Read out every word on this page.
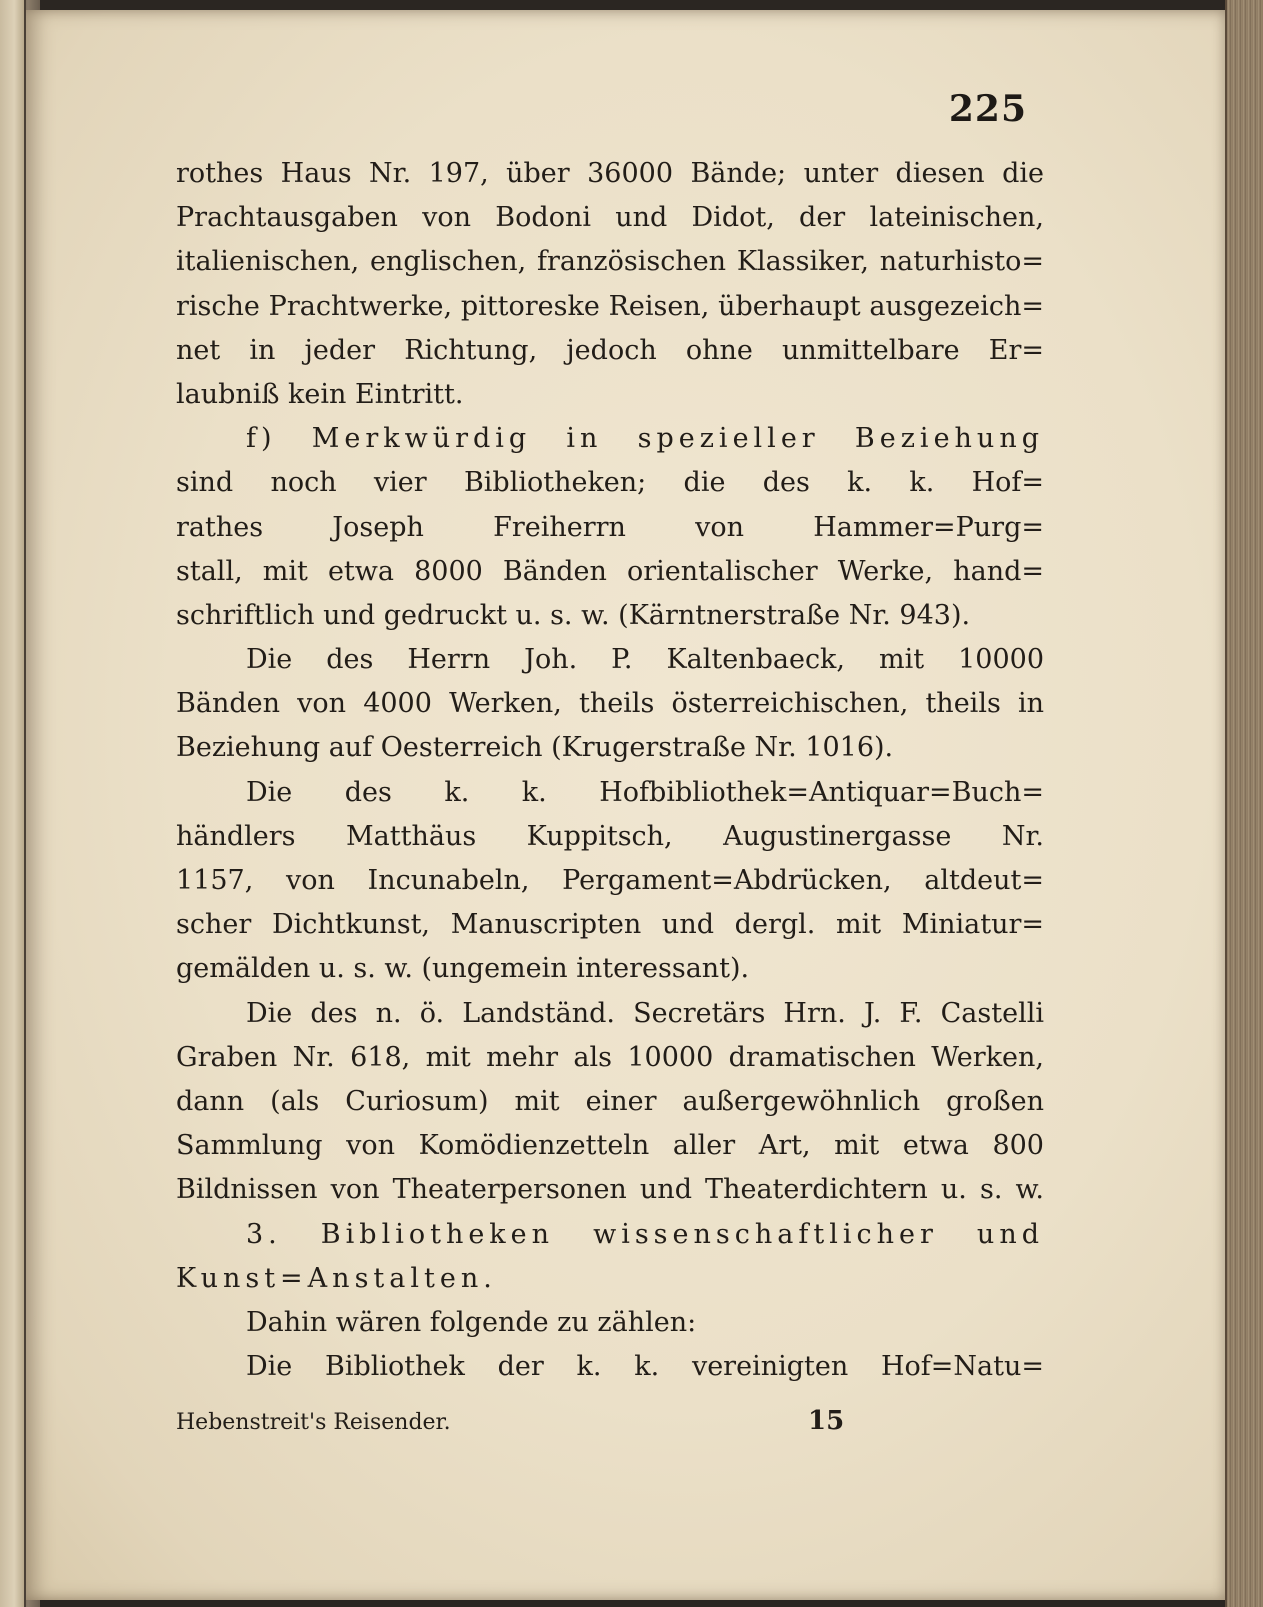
225
rothes Haus Nr. 197, über 36000 Bände; unter diesen die
Prachtausgaben von Bodoni und Didot, der lateinischen,
italienischen, englischen, französischen Klassiker, naturhisto=
rische Prachtwerke, pittoreske Reisen, überhaupt ausgezeich=
net in jeder Richtung, jedoch ohne unmittelbare Er=
laubniß kein Eintritt.
f) Merkwürdig in spezieller Beziehung
sind noch vier Bibliotheken; die des k. k. Hof=
rathes Joseph Freiherrn von Hammer=Purg=
stall, mit etwa 8000 Bänden orientalischer Werke, hand=
schriftlich und gedruckt u. s. w. (Kärntnerstraße Nr. 943).
Die des Herrn Joh. P. Kaltenbaeck, mit 10000
Bänden von 4000 Werken, theils österreichischen, theils in
Beziehung auf Oesterreich (Krugerstraße Nr. 1016).
Die des k. k. Hofbibliothek=Antiquar=Buch=
händlers Matthäus Kuppitsch, Augustinergasse Nr.
1157, von Incunabeln, Pergament=Abdrücken, altdeut=
scher Dichtkunst, Manuscripten und dergl. mit Miniatur=
gemälden u. s. w. (ungemein interessant).
Die des n. ö. Landständ. Secretärs Hrn. J. F. Castelli
Graben Nr. 618, mit mehr als 10000 dramatischen Werken,
dann (als Curiosum) mit einer außergewöhnlich großen
Sammlung von Komödienzetteln aller Art, mit etwa 800
Bildnissen von Theaterpersonen und Theaterdichtern u. s. w.
3. Bibliotheken wissenschaftlicher und
Kunst=Anstalten.
Dahin wären folgende zu zählen:
Die Bibliothek der k. k. vereinigten Hof=Natu=
Hebenstreit's Reisender.	15
